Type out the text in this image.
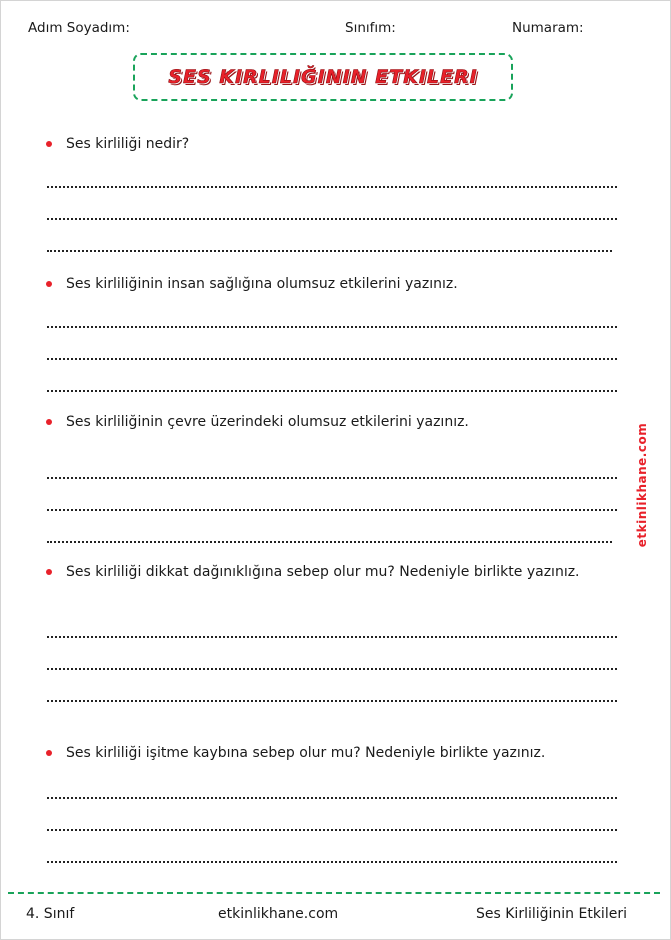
Adım Soyadım:	Sınıfım:	Numaram:
SES KIRLILIĞININ ETKILERI
Ses kirliliği nedir?
Ses kirliliğinin insan sağlığına olumsuz etkilerini yazınız.
Ses kirliliğinin çevre üzerindeki olumsuz etkilerini yazınız.
Ses kirliliği dikkat dağınıklığına sebep olur mu? Nedeniyle birlikte yazınız.
Ses kirliliği işitme kaybına sebep olur mu? Nedeniyle birlikte yazınız.
etkinlikhane.com
4. Sınıf	etkinlikhane.com	Ses Kirliliğinin Etkileri
